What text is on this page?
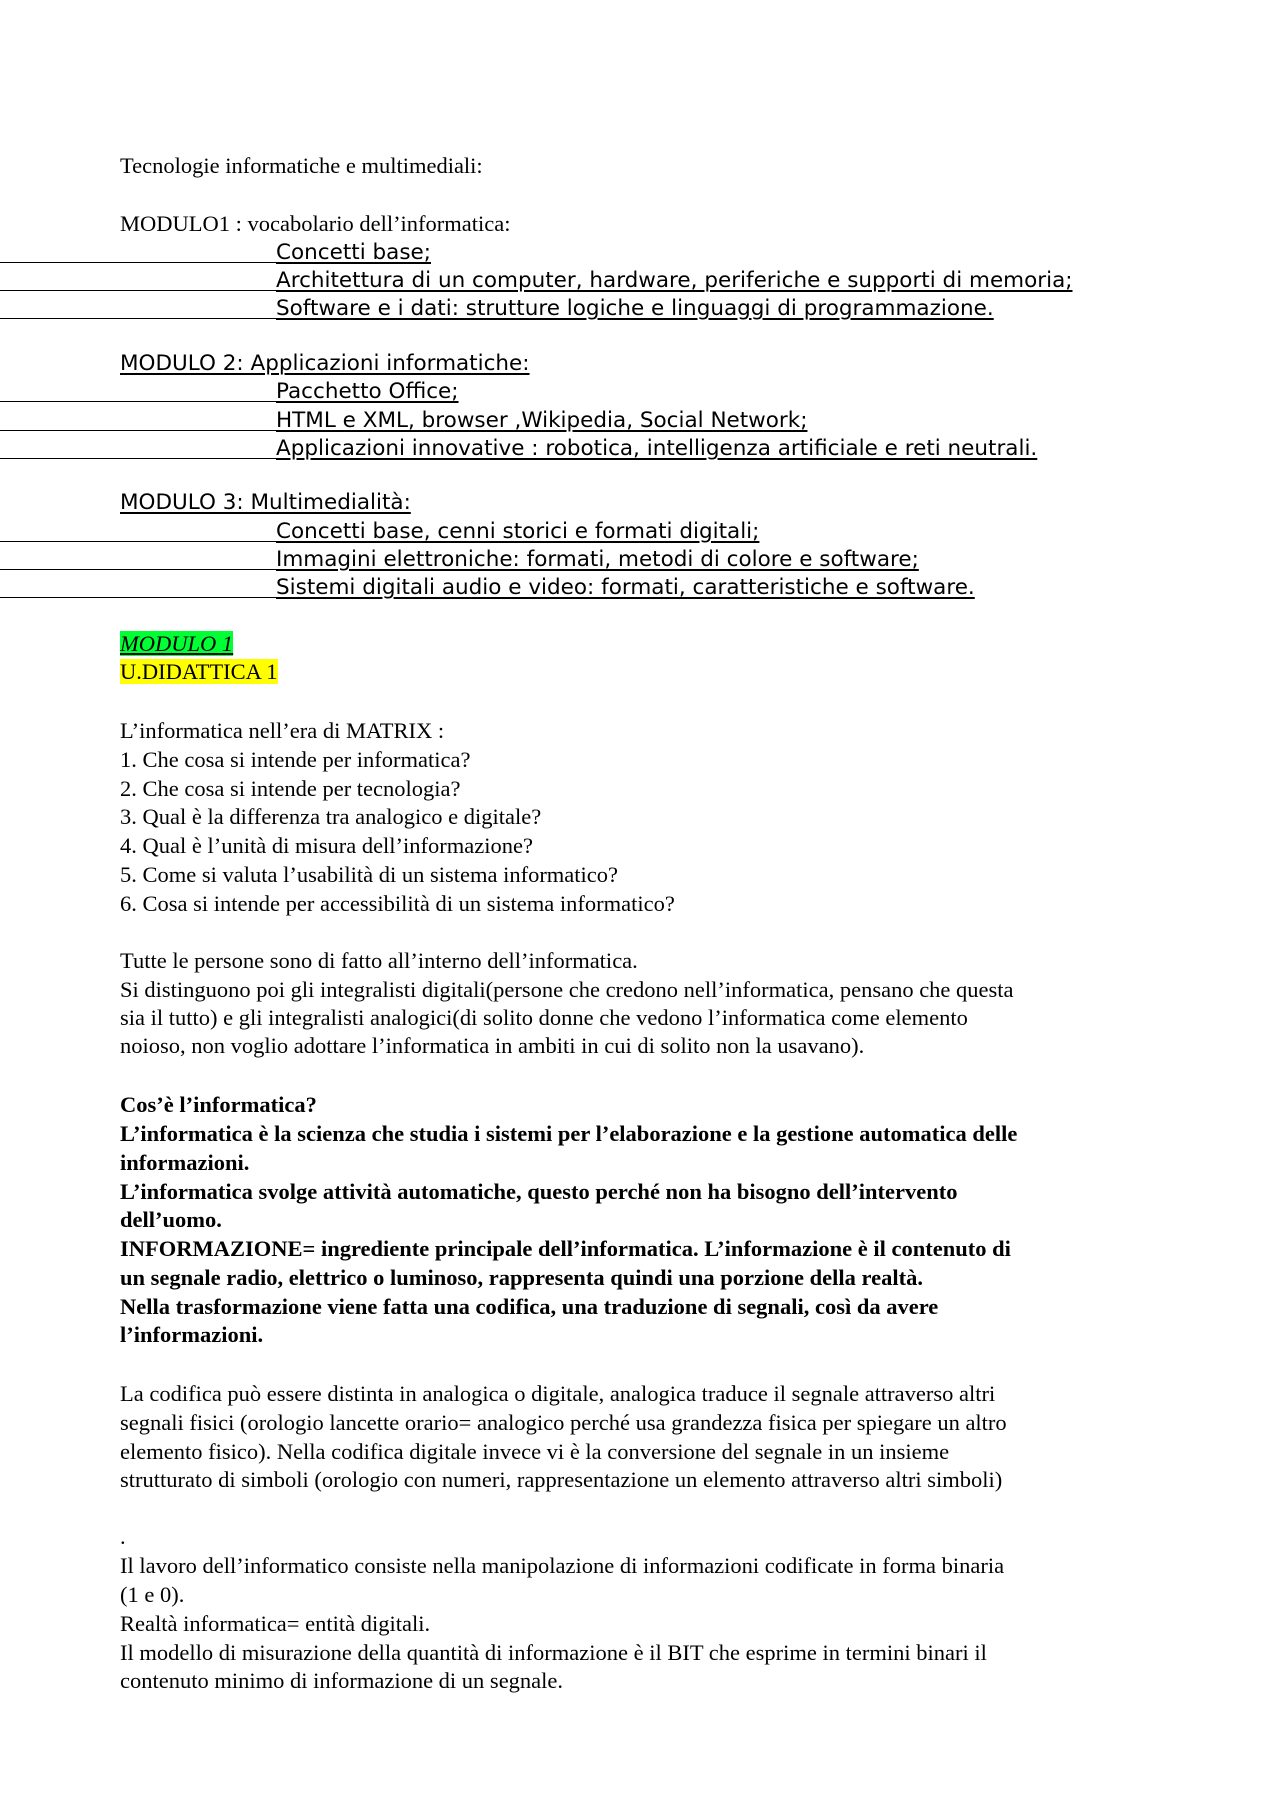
Tecnologie informatiche e multimediali:

MODULO1 : vocabolario dell’informatica:

Concetti base;

Architettura di un computer, hardware, periferiche e supporti di memoria;

Software e i dati: strutture logiche e linguaggi di programmazione.

MODULO 2: Applicazioni informatiche:

Pacchetto Office;

HTML e XML, browser ,Wikipedia, Social Network;

Applicazioni innovative : robotica, intelligenza artificiale e reti neutrali.

MODULO 3: Multimedialità:

Concetti base, cenni storici e formati digitali;

Immagini elettroniche: formati, metodi di colore e software;

Sistemi digitali audio e video: formati, caratteristiche e software.

MODULO 1

U.DIDATTICA 1

L’informatica nell’era di MATRIX :

1. Che cosa si intende per informatica?

2. Che cosa si intende per tecnologia?

3. Qual è la differenza tra analogico e digitale?

4. Qual è l’unità di misura dell’informazione?

5. Come si valuta l’usabilità di un sistema informatico?

6. Cosa si intende per accessibilità di un sistema informatico?

Tutte le persone sono di fatto all’interno dell’informatica.

Si distinguono poi gli integralisti digitali(persone che credono nell’informatica, pensano che questa

sia il tutto) e gli integralisti analogici(di solito donne che vedono l’informatica come elemento

noioso, non voglio adottare l’informatica in ambiti in cui di solito non la usavano).

Cos’è l’informatica?

L’informatica è la scienza che studia i sistemi per l’elaborazione e la gestione automatica delle

informazioni.

L’informatica svolge attività automatiche, questo perché non ha bisogno dell’intervento

dell’uomo.

INFORMAZIONE= ingrediente principale dell’informatica. L’informazione è il contenuto di

un segnale radio, elettrico o luminoso, rappresenta quindi una porzione della realtà.

Nella trasformazione viene fatta una codifica, una traduzione di segnali, così da avere

l’informazioni.

La codifica può essere distinta in analogica o digitale, analogica traduce il segnale attraverso altri

segnali fisici (orologio lancette orario= analogico perché usa grandezza fisica per spiegare un altro

elemento fisico). Nella codifica digitale invece vi è la conversione del segnale in un insieme

strutturato di simboli (orologio con numeri, rappresentazione un elemento attraverso altri simboli)

.

Il lavoro dell’informatico consiste nella manipolazione di informazioni codificate in forma binaria

(1 e 0).

Realtà informatica= entità digitali.

Il modello di misurazione della quantità di informazione è il BIT che esprime in termini binari il

contenuto minimo di informazione di un segnale.
